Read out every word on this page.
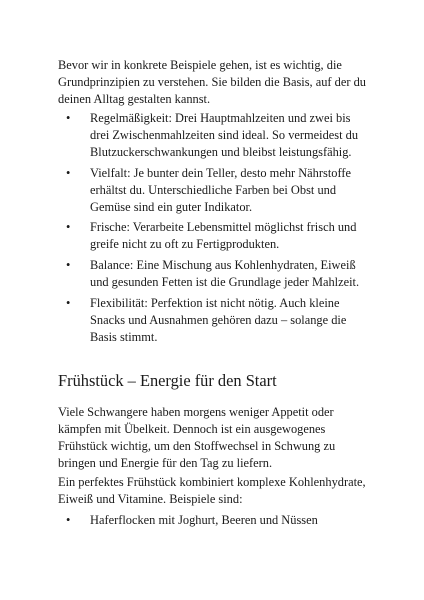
Bevor wir in konkrete Beispiele gehen, ist es wichtig, die Grundprinzipien zu verstehen. Sie bilden die Basis, auf der du deinen Alltag gestalten kannst.

• Regelmäßigkeit: Drei Hauptmahlzeiten und zwei bis drei Zwischenmahlzeiten sind ideal. So vermeidest du Blutzuckerschwankungen und bleibst leistungsfähig.
• Vielfalt: Je bunter dein Teller, desto mehr Nährstoffe erhältst du. Unterschiedliche Farben bei Obst und Gemüse sind ein guter Indikator.
• Frische: Verarbeite Lebensmittel möglichst frisch und greife nicht zu oft zu Fertigprodukten.
• Balance: Eine Mischung aus Kohlenhydraten, Eiweiß und gesunden Fetten ist die Grundlage jeder Mahlzeit.
• Flexibilität: Perfektion ist nicht nötig. Auch kleine Snacks und Ausnahmen gehören dazu – solange die Basis stimmt.
Frühstück – Energie für den Start

Viele Schwangere haben morgens weniger Appetit oder kämpfen mit Übelkeit. Dennoch ist ein ausgewogenes Frühstück wichtig, um den Stoffwechsel in Schwung zu bringen und Energie für den Tag zu liefern.

Ein perfektes Frühstück kombiniert komplexe Kohlenhydrate, Eiweiß und Vitamine. Beispiele sind:

• Haferflocken mit Joghurt, Beeren und Nüssen
